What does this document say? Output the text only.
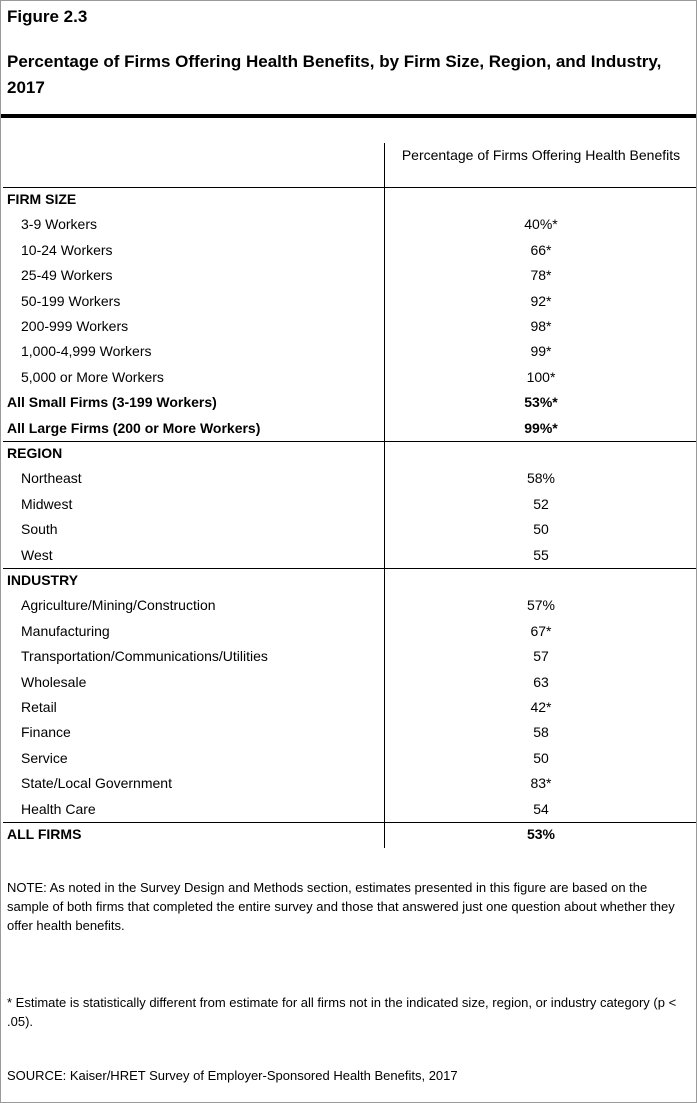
Figure 2.3
Percentage of Firms Offering Health Benefits, by Firm Size, Region, and Industry, 2017
Percentage of Firms Offering Health Benefits
FIRM SIZE
3-9 Workers	40%*
10-24 Workers	66*
25-49 Workers	78*
50-199 Workers	92*
200-999 Workers	98*
1,000-4,999 Workers	99*
5,000 or More Workers	100*
All Small Firms (3-199 Workers)	53%*
All Large Firms (200 or More Workers)	99%*
REGION
Northeast	58%
Midwest	52
South	50
West	55
INDUSTRY
Agriculture/Mining/Construction	57%
Manufacturing	67*
Transportation/Communications/Utilities	57
Wholesale	63
Retail	42*
Finance	58
Service	50
State/Local Government	83*
Health Care	54
ALL FIRMS	53%
NOTE: As noted in the Survey Design and Methods section, estimates presented in this figure are based on the sample of both firms that completed the entire survey and those that answered just one question about whether they offer health benefits.
* Estimate is statistically different from estimate for all firms not in the indicated size, region, or industry category (p < .05).
SOURCE: Kaiser/HRET Survey of Employer-Sponsored Health Benefits, 2017
